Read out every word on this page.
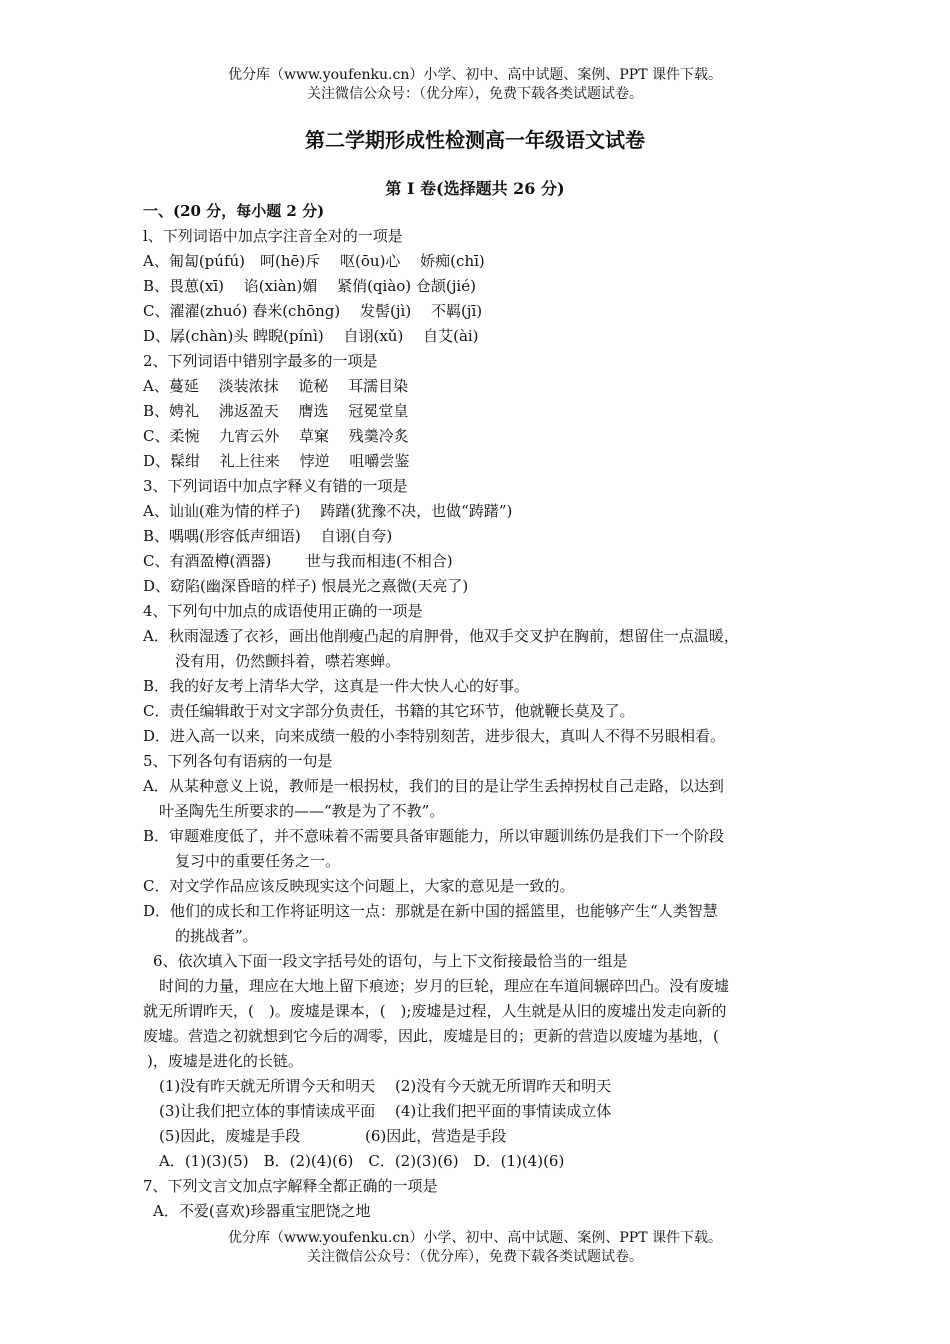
优分库（www.youfenku.cn）小学、初中、高中试题、案例、PPT 课件下载。
关注微信公众号：（优分库），免费下载各类试题试卷。
第二学期形成性检测高一年级语文试卷
第 I 卷(选择题共 26 分)
一、(20 分，每小题 2 分)
l、下列词语中加点字注音全对的一项是
A、匍匐(púfú)　呵(hē)斥　 呕(ōu)心　 娇痴(chī)
B、畏葸(xī)　 谄(xiàn)媚　 紧俏(qiào) 仓颉(jié)
C、濯濯(zhuó) 舂米(chōng)　 发髻(jì)　 不羁(jī)
D、孱(chàn)头 睥睨(pínì)　 自诩(xǔ)　 自艾(ài)
2、下列词语中错别字最多的一项是
A、蔓延　 淡装浓抹　 诡秘　 耳濡目染
B、娉礼　 沸返盈天　 膺选　 冠冕堂皇
C、柔惋　 九宵云外　 草窠　 残羹冷炙
D、髹绀　 礼上往来　 悖逆　 咀嚼尝鉴
3、下列词语中加点字释义有错的一项是
A、讪讪(难为情的样子)　 踌躇(犹豫不决，也做“踌躇”)
B、喁喁(形容低声细语)　 自诩(自夸)
C、有酒盈樽(酒器)　　 世与我而相违(不相合)
D、窈陷(幽深昏暗的样子) 恨晨光之熹微(天亮了)
4、下列句中加点的成语使用正确的一项是
A．秋雨湿透了衣衫，画出他削瘦凸起的肩胛骨，他双手交叉护在胸前，想留住一点温暖，
没有用，仍然颤抖着，噤若寒蝉。
B．我的好友考上清华大学，这真是一件大快人心的好事。
C．责任编辑敢于对文字部分负责任，书籍的其它环节，他就鞭长莫及了。
D．进入高一以来，向来成绩一般的小李特别刻苦，进步很大，真叫人不得不另眼相看。
5、下列各句有语病的一句是
A．从某种意义上说，教师是一根拐杖，我们的目的是让学生丢掉拐杖自己走路，以达到
叶圣陶先生所要求的——“教是为了不教”。
B．审题难度低了，并不意味着不需要具备审题能力，所以审题训练仍是我们下一个阶段
复习中的重要任务之一。
C．对文学作品应该反映现实这个问题上，大家的意见是一致的。
D．他们的成长和工作将证明这一点：那就是在新中国的摇篮里，也能够产生“人类智慧
的挑战者”。
6、依次填入下面一段文字括号处的语句，与上下文衔接最恰当的一组是
时间的力量，理应在大地上留下痕迹；岁月的巨轮，理应在车道间辗碎凹凸。没有废墟
就无所谓昨天，(　)。废墟是课本，(　);废墟是过程，人生就是从旧的废墟出发走向新的
废墟。营造之初就想到它今后的凋零，因此，废墟是目的；更新的营造以废墟为基地，(
)，废墟是进化的长链。
(1)没有昨天就无所谓今天和明天　 (2)没有今天就无所谓昨天和明天
(3)让我们把立体的事情读成平面　 (4)让我们把平面的事情读成立体
(5)因此，废墟是手段　　　　 (6)因此，营造是手段
A．(1)(3)(5)　B．(2)(4)(6)　C．(2)(3)(6)　D．(1)(4)(6)
7、下列文言文加点字解释全都正确的一项是
A．不爱(喜欢)珍器重宝肥饶之地
优分库（www.youfenku.cn）小学、初中、高中试题、案例、PPT 课件下载。
关注微信公众号：（优分库），免费下载各类试题试卷。
